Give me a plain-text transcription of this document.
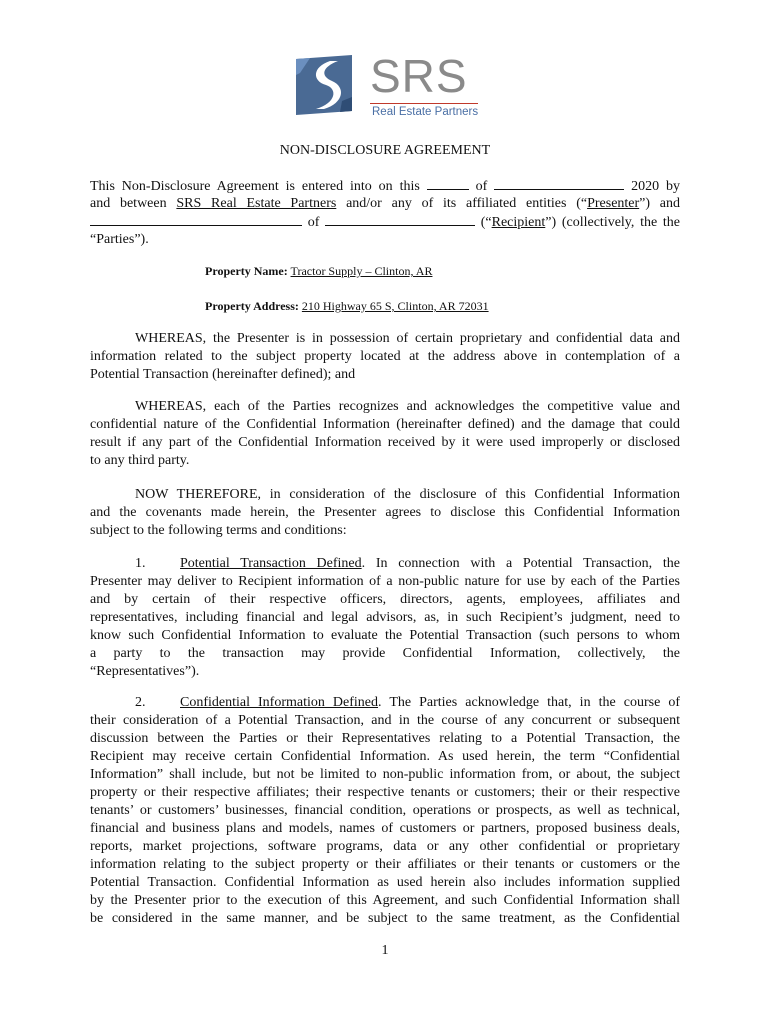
SRS
Real Estate Partners
NON-DISCLOSURE AGREEMENT
This Non-Disclosure Agreement is entered into on this	of	2020 by
and between SRS Real Estate Partners and/or any of its affiliated entities (“Presenter”) and
of	(“Recipient”) (collectively, the the
“Parties”).
Property Name: Tractor Supply – Clinton, AR
Property Address: 210 Highway 65 S, Clinton, AR 72031
WHEREAS, the Presenter is in possession of certain proprietary and confidential data and
information related to the subject property located at the address above in contemplation of a
Potential Transaction (hereinafter defined); and
WHEREAS, each of the Parties recognizes and acknowledges the competitive value and
confidential nature of the Confidential Information (hereinafter defined) and the damage that could
result if any part of the Confidential Information received by it were used improperly or disclosed
to any third party.
NOW THEREFORE, in consideration of the disclosure of this Confidential Information
and the covenants made herein, the Presenter agrees to disclose this Confidential Information
subject to the following terms and conditions:
1. Potential Transaction Defined. In connection with a Potential Transaction, the
Presenter may deliver to Recipient information of a non-public nature for use by each of the Parties
and by certain of their respective officers, directors, agents, employees, affiliates and
representatives, including financial and legal advisors, as, in such Recipient’s judgment, need to
know such Confidential Information to evaluate the Potential Transaction (such persons to whom
a party to the transaction may provide Confidential Information, collectively, the
“Representatives”).
2. Confidential Information Defined. The Parties acknowledge that, in the course of
their consideration of a Potential Transaction, and in the course of any concurrent or subsequent
discussion between the Parties or their Representatives relating to a Potential Transaction, the
Recipient may receive certain Confidential Information. As used herein, the term “Confidential
Information” shall include, but not be limited to non-public information from, or about, the subject
property or their respective affiliates; their respective tenants or customers; their or their respective
tenants’ or customers’ businesses, financial condition, operations or prospects, as well as technical,
financial and business plans and models, names of customers or partners, proposed business deals,
reports, market projections, software programs, data or any other confidential or proprietary
information relating to the subject property or their affiliates or their tenants or customers or the
Potential Transaction. Confidential Information as used herein also includes information supplied
by the Presenter prior to the execution of this Agreement, and such Confidential Information shall
be considered in the same manner, and be subject to the same treatment, as the Confidential
1
